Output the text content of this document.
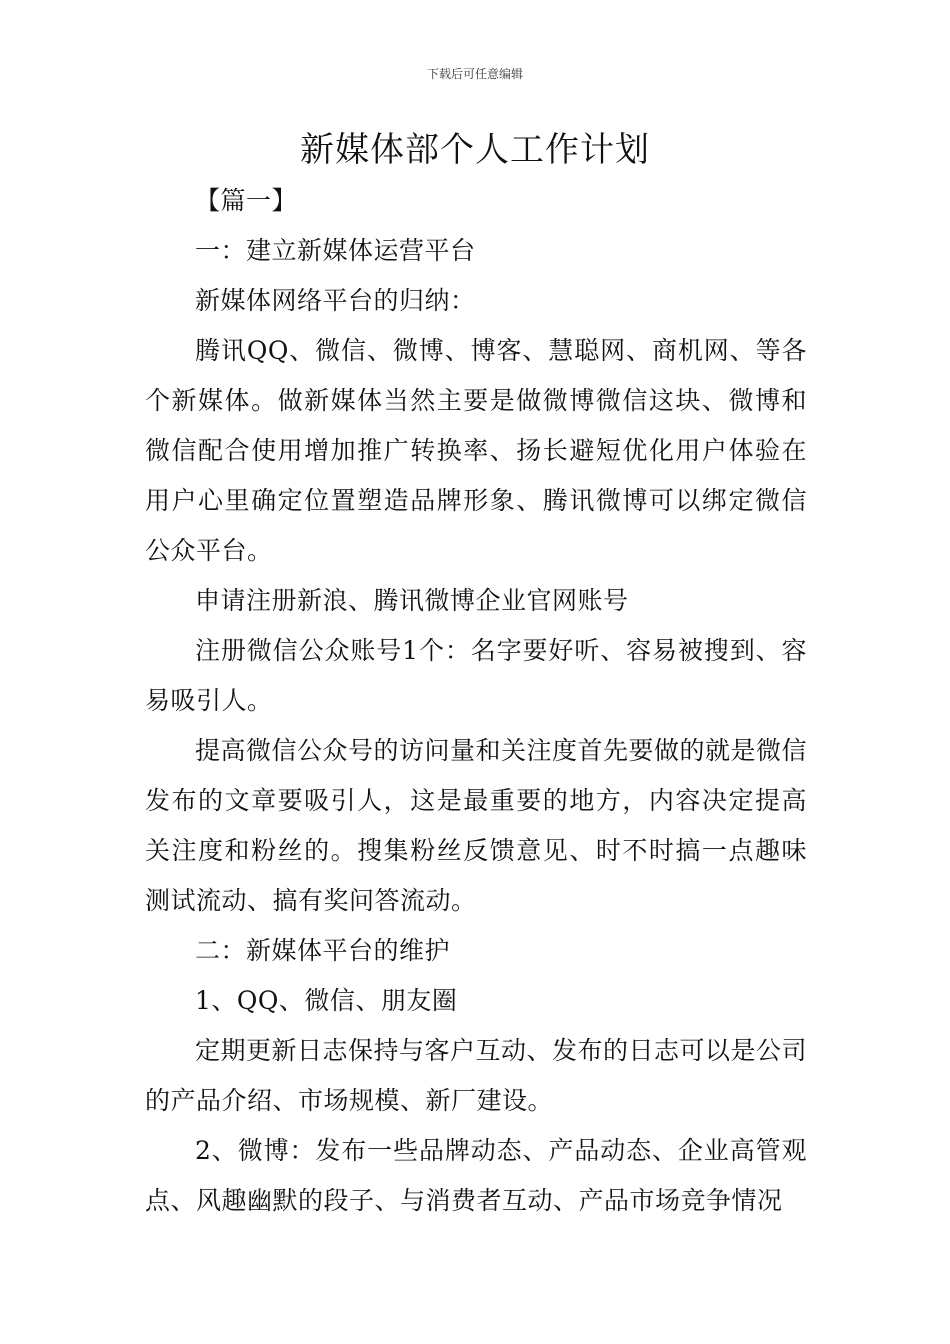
下载后可任意编辑
新媒体部个人工作计划

【篇一】

一：建立新媒体运营平台

新媒体网络平台的归纳：

腾讯QQ、微信、微博、博客、慧聪网、商机网、等各个新媒体。做新媒体当然主要是做微博微信这块、微博和微信配合使用增加推广转换率、扬长避短优化用户体验在用户心里确定位置塑造品牌形象、腾讯微博可以绑定微信公众平台。

申请注册新浪、腾讯微博企业官网账号

注册微信公众账号1个：名字要好听、容易被搜到、容易吸引人。

提高微信公众号的访问量和关注度首先要做的就是微信发布的文章要吸引人，这是最重要的地方，内容决定提高关注度和粉丝的。搜集粉丝反馈意见、时不时搞一点趣味测试流动、搞有奖问答流动。

二：新媒体平台的维护

1、QQ、微信、朋友圈

定期更新日志保持与客户互动、发布的日志可以是公司的产品介绍、市场规模、新厂建设。

2、微博：发布一些品牌动态、产品动态、企业高管观点、风趣幽默的段子、与消费者互动、产品市场竞争情况
